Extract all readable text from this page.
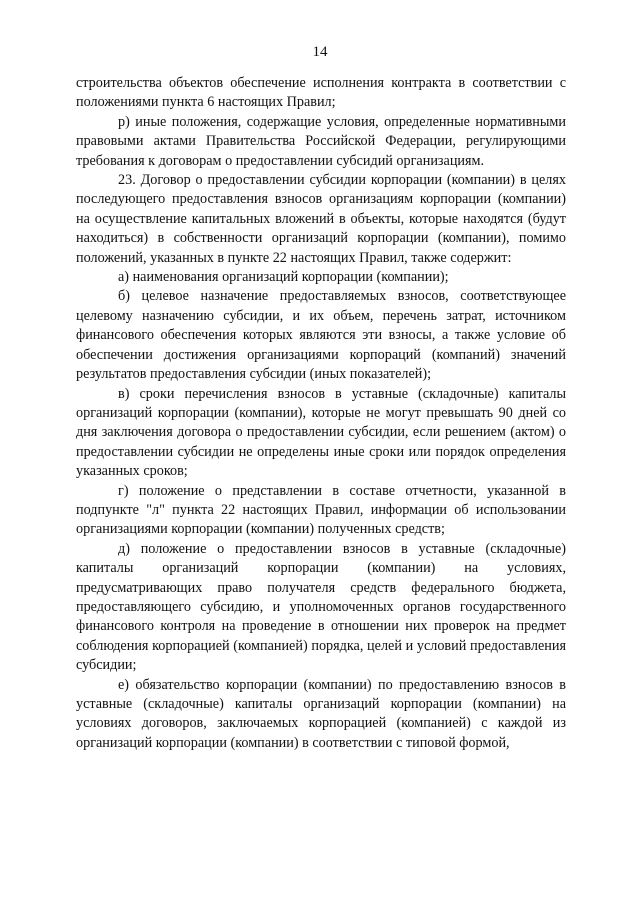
14

строительства объектов обеспечение исполнения контракта в соответствии с положениями пункта 6 настоящих Правил;

р) иные положения, содержащие условия, определенные нормативными правовыми актами Правительства Российской Федерации, регулирующими требования к договорам о предоставлении субсидий организациям.

23. Договор о предоставлении субсидии корпорации (компании) в целях последующего предоставления взносов организациям корпорации (компании) на осуществление капитальных вложений в объекты, которые находятся (будут находиться) в собственности организаций корпорации (компании), помимо положений, указанных в пункте 22 настоящих Правил, также содержит:

а) наименования организаций корпорации (компании);

б) целевое назначение предоставляемых взносов, соответствующее целевому назначению субсидии, и их объем, перечень затрат, источником финансового обеспечения которых являются эти взносы, а также условие об обеспечении достижения организациями корпораций (компаний) значений результатов предоставления субсидии (иных показателей);

в) сроки перечисления взносов в уставные (складочные) капиталы организаций корпорации (компании), которые не могут превышать 90 дней со дня заключения договора о предоставлении субсидии, если решением (актом) о предоставлении субсидии не определены иные сроки или порядок определения указанных сроков;

г) положение о представлении в составе отчетности, указанной в подпункте "л" пункта 22 настоящих Правил, информации об использовании организациями корпорации (компании) полученных средств;

д) положение о предоставлении взносов в уставные (складочные) капиталы организаций корпорации (компании) на условиях, предусматривающих право получателя средств федерального бюджета, предоставляющего субсидию, и уполномоченных органов государственного финансового контроля на проведение в отношении них проверок на предмет соблюдения корпорацией (компанией) порядка, целей и условий предоставления субсидии;

е) обязательство корпорации (компании) по предоставлению взносов в уставные (складочные) капиталы организаций корпорации (компании) на условиях договоров, заключаемых корпорацией (компанией) с каждой из организаций корпорации (компании) в соответствии с типовой формой,
